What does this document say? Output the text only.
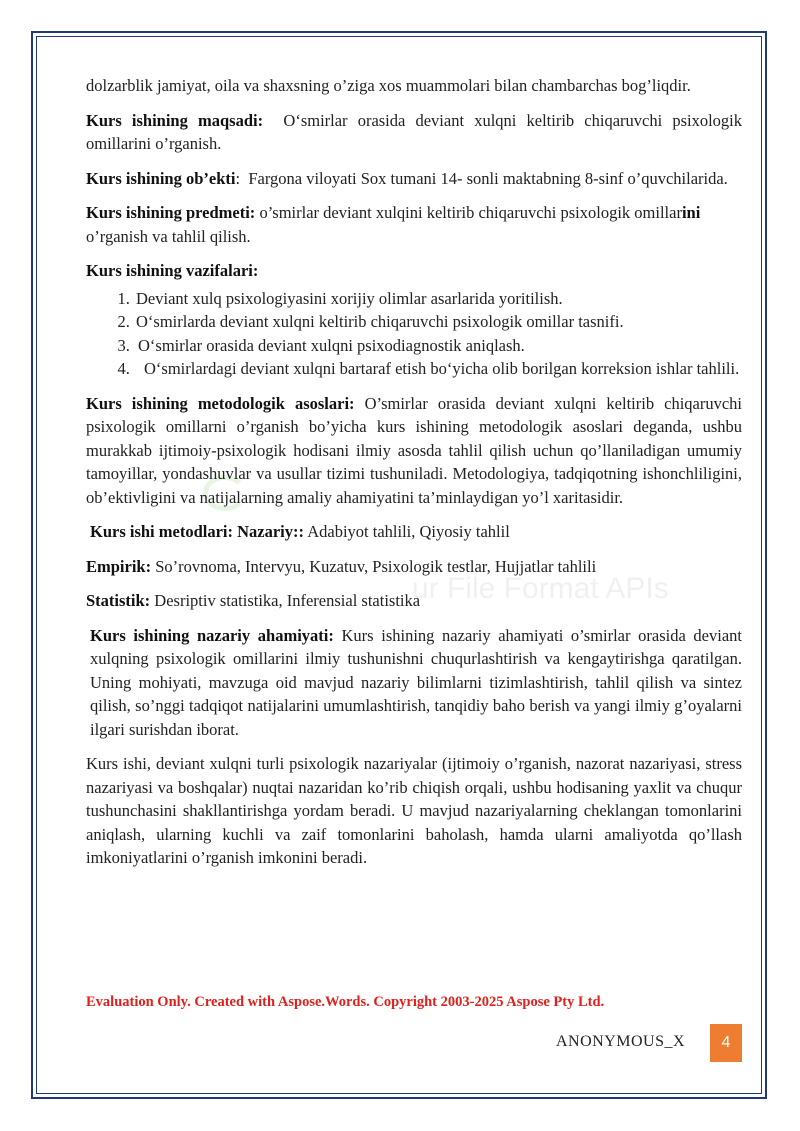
ur File Format APIs

dolzarblik jamiyat, oila va shaxsning o’ziga xos muammolari bilan chambarchas bog’liqdir.

Kurs ishining maqsadi: O‘smirlar orasida deviant xulqni keltirib chiqaruvchi psixologik omillarini o’rganish.

Kurs ishining ob’ekti: Fargona viloyati Sox tumani 14- sonli maktabning 8-sinf o’quvchilarida.

Kurs ishining predmeti: o’smirlar deviant xulqini keltirib chiqaruvchi psixologik omillarini o’rganish va tahlil qilish.

Kurs ishining vazifalari:

1. Deviant xulq psixologiyasini xorijiy olimlar asarlarida yoritilish.
2. O‘smirlarda deviant xulqni keltirib chiqaruvchi psixologik omillar tasnifi.
3. O‘smirlar orasida deviant xulqni psixodiagnostik aniqlash.
4. O‘smirlardagi deviant xulqni bartaraf etish bo‘yicha olib borilgan korreksion ishlar tahlili.

Kurs ishining metodologik asoslari: O’smirlar orasida deviant xulqni keltirib chiqaruvchi psixologik omillarni o’rganish bo’yicha kurs ishining metodologik asoslari deganda, ushbu murakkab ijtimoiy-psixologik hodisani ilmiy asosda tahlil qilish uchun qo’llaniladigan umumiy tamoyillar, yondashuvlar va usullar tizimi tushuniladi. Metodologiya, tadqiqotning ishonchliligini, ob’ektivligini va natijalarning amaliy ahamiyatini ta’minlaydigan yo’l xaritasidir.

Kurs ishi metodlari: Nazariy:: Adabiyot tahlili, Qiyosiy tahlil

Empirik: So’rovnoma, Intervyu, Kuzatuv, Psixologik testlar, Hujjatlar tahlili

Statistik: Desriptiv statistika, Inferensial statistika

Kurs ishining nazariy ahamiyati: Kurs ishining nazariy ahamiyati o’smirlar orasida deviant xulqning psixologik omillarini ilmiy tushunishni chuqurlashtirish va kengaytirishga qaratilgan. Uning mohiyati, mavzuga oid mavjud nazariy bilimlarni tizimlashtirish, tahlil qilish va sintez qilish, so’nggi tadqiqot natijalarini umumlashtirish, tanqidiy baho berish va yangi ilmiy g’oyalarni ilgari surishdan iborat.

Kurs ishi, deviant xulqni turli psixologik nazariyalar (ijtimoiy o’rganish, nazorat nazariyasi, stress nazariyasi va boshqalar) nuqtai nazaridan ko’rib chiqish orqali, ushbu hodisaning yaxlit va chuqur tushunchasini shakllantirishga yordam beradi. U mavjud nazariyalarning cheklangan tomonlarini aniqlash, ularning kuchli va zaif tomonlarini baholash, hamda ularni amaliyotda qo’llash imkoniyatlarini o’rganish imkonini beradi.

Evaluation Only. Created with Aspose.Words. Copyright 2003-2025 Aspose Pty Ltd.
ANONYMOUS_X 4
